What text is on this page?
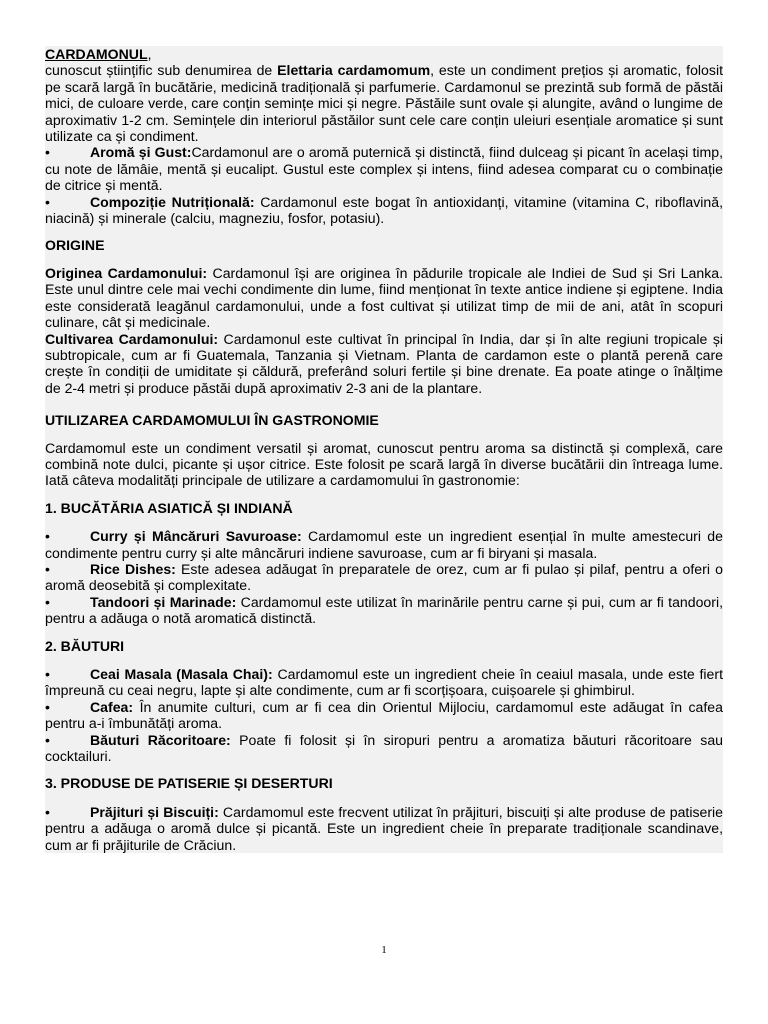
CARDAMONUL,

cunoscut științific sub denumirea de Elettaria cardamomum, este un condiment prețios și aromatic, folosit pe scară largă în bucătărie, medicină tradițională și parfumerie. Cardamonul se prezintă sub formă de păstăi mici, de culoare verde, care conțin semințe mici și negre. Păstăile sunt ovale și alungite, având o lungime de aproximativ 1-2 cm. Semințele din interiorul păstăilor sunt cele care conțin uleiuri esențiale aromatice și sunt utilizate ca și condiment.

•	Aromă și Gust:Cardamonul are o aromă puternică și distinctă, fiind dulceag și picant în același timp, cu note de lămâie, mentă și eucalipt. Gustul este complex și intens, fiind adesea comparat cu o combinație de citrice și mentă.

•	Compoziție Nutrițională: Cardamonul este bogat în antioxidanți, vitamine (vitamina C, riboflavină, niacină) și minerale (calciu, magneziu, fosfor, potasiu).

ORIGINE

Originea Cardamonului: Cardamonul își are originea în pădurile tropicale ale Indiei de Sud și Sri Lanka. Este unul dintre cele mai vechi condimente din lume, fiind menționat în texte antice indiene și egiptene. India este considerată leagănul cardamonului, unde a fost cultivat și utilizat timp de mii de ani, atât în scopuri culinare, cât și medicinale.

Cultivarea Cardamonului: Cardamonul este cultivat în principal în India, dar și în alte regiuni tropicale și subtropicale, cum ar fi Guatemala, Tanzania și Vietnam. Planta de cardamon este o plantă perenă care crește în condiții de umiditate și căldură, preferând soluri fertile și bine drenate. Ea poate atinge o înălțime de 2-4 metri și produce păstăi după aproximativ 2-3 ani de la plantare.

UTILIZAREA CARDAMOMULUI ÎN GASTRONOMIE

Cardamomul este un condiment versatil și aromat, cunoscut pentru aroma sa distinctă și complexă, care combină note dulci, picante și ușor citrice. Este folosit pe scară largă în diverse bucătării din întreaga lume. Iată câteva modalități principale de utilizare a cardamomului în gastronomie:

1. BUCĂTĂRIA ASIATICĂ ȘI INDIANĂ

•	Curry și Mâncăruri Savuroase: Cardamomul este un ingredient esențial în multe amestecuri de condimente pentru curry și alte mâncăruri indiene savuroase, cum ar fi biryani și masala.

•	Rice Dishes: Este adesea adăugat în preparatele de orez, cum ar fi pulao și pilaf, pentru a oferi o aromă deosebită și complexitate.

•	Tandoori și Marinade: Cardamomul este utilizat în marinările pentru carne și pui, cum ar fi tandoori, pentru a adăuga o notă aromatică distinctă.

2. BĂUTURI

•	Ceai Masala (Masala Chai): Cardamomul este un ingredient cheie în ceaiul masala, unde este fiert împreună cu ceai negru, lapte și alte condimente, cum ar fi scorțișoara, cuișoarele și ghimbirul.

•	Cafea: În anumite culturi, cum ar fi cea din Orientul Mijlociu, cardamomul este adăugat în cafea pentru a-i îmbunătăți aroma.

•	Băuturi Răcoritoare: Poate fi folosit și în siropuri pentru a aromatiza băuturi răcoritoare sau cocktailuri.

3. PRODUSE DE PATISERIE ȘI DESERTURI

•	Prăjituri și Biscuiți: Cardamomul este frecvent utilizat în prăjituri, biscuiți și alte produse de patiserie pentru a adăuga o aromă dulce și picantă. Este un ingredient cheie în preparate tradiționale scandinave, cum ar fi prăjiturile de Crăciun.

1
